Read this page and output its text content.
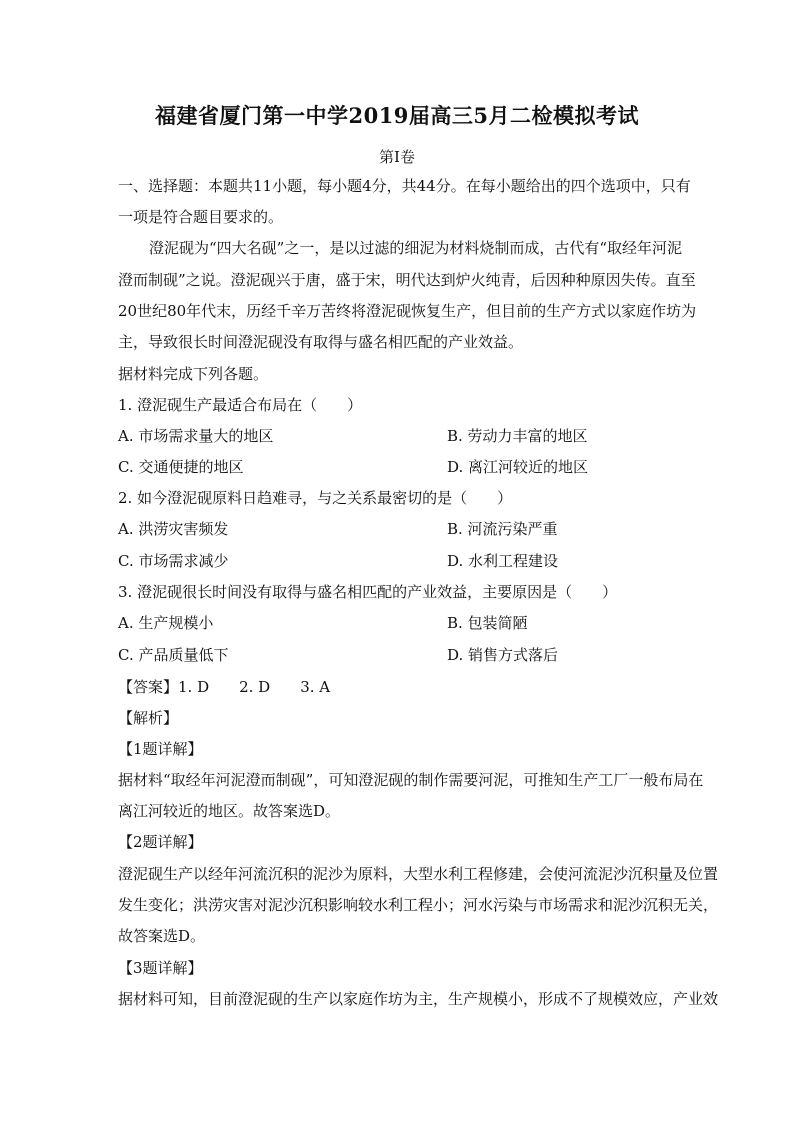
福建省厦门第一中学2019届高三5月二检模拟考试
第I卷
一、选择题：本题共11小题，每小题4分，共44分。在每小题给出的四个选项中，只有
一项是符合题目要求的。
澄泥砚为“四大名砚”之一，是以过滤的细泥为材料烧制而成，古代有“取经年河泥
澄而制砚”之说。澄泥砚兴于唐，盛于宋，明代达到炉火纯青，后因种种原因失传。直至
20世纪80年代末，历经千辛万苦终将澄泥砚恢复生产，但目前的生产方式以家庭作坊为
主，导致很长时间澄泥砚没有取得与盛名相匹配的产业效益。
据材料完成下列各题。
1. 澄泥砚生产最适合布局在（　　）
A. 市场需求量大的地区	B. 劳动力丰富的地区
C. 交通便捷的地区	D. 离江河较近的地区
2. 如今澄泥砚原料日趋难寻，与之关系最密切的是（　　）
A. 洪涝灾害频发	B. 河流污染严重
C. 市场需求减少	D. 水利工程建设
3. 澄泥砚很长时间没有取得与盛名相匹配的产业效益，主要原因是（　　）
A. 生产规模小	B. 包装简陋
C. 产品质量低下	D. 销售方式落后
【答案】1. D　　2. D　　3. A
【解析】
【1题详解】
据材料“取经年河泥澄而制砚”，可知澄泥砚的制作需要河泥，可推知生产工厂一般布局在
离江河较近的地区。故答案选D。
【2题详解】
澄泥砚生产以经年河流沉积的泥沙为原料，大型水利工程修建，会使河流泥沙沉积量及位置
发生变化；洪涝灾害对泥沙沉积影响较水利工程小；河水污染与市场需求和泥沙沉积无关，
故答案选D。
【3题详解】
据材料可知，目前澄泥砚的生产以家庭作坊为主，生产规模小，形成不了规模效应，产业效
